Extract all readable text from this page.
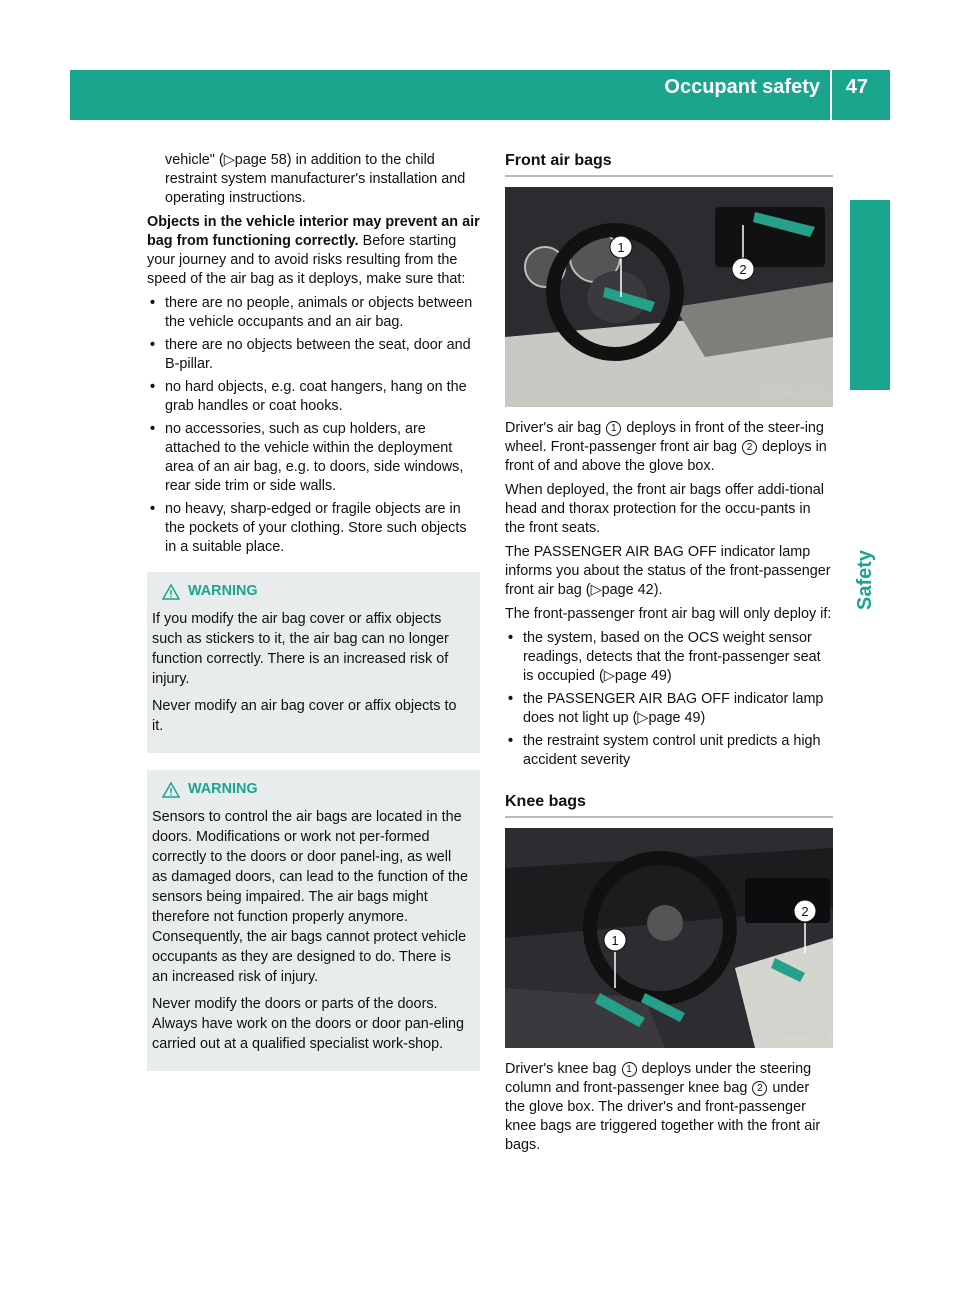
Occupant safety 47
Safety

vehicle" (▷page 58) in addition to the child restraint system manufacturer's installation and operating instructions.

Objects in the vehicle interior may prevent an air bag from functioning correctly. Before starting your journey and to avoid risks resulting from the speed of the air bag as it deploys, make sure that:

• there are no people, animals or objects between the vehicle occupants and an air bag.
• there are no objects between the seat, door and B-pillar.
• no hard objects, e.g. coat hangers, hang on the grab handles or coat hooks.
• no accessories, such as cup holders, are attached to the vehicle within the deployment area of an air bag, e.g. to doors, side windows, rear side trim or side walls.
• no heavy, sharp-edged or fragile objects are in the pockets of your clothing. Store such objects in a suitable place.
WARNING

If you modify the air bag cover or affix objects such as stickers to it, the air bag can no longer function correctly. There is an increased risk of injury.

Never modify an air bag cover or affix objects to it.

WARNING

Sensors to control the air bags are located in the doors. Modifications or work not per-formed correctly to the doors or door panel-ing, as well as damaged doors, can lead to the function of the sensors being impaired. The air bags might therefore not function properly anymore. Consequently, the air bags cannot protect vehicle occupants as they are designed to do. There is an increased risk of injury.

Never modify the doors or parts of the doors. Always have work on the doors or door pan-eling carried out at a qualified specialist work-shop.

Front air bags
1
2
P91.60-4650-31

Driver's air bag 1 deploys in front of the steer-ing wheel. Front-passenger front air bag 2 deploys in front of and above the glove box.

When deployed, the front air bags offer addi-tional head and thorax protection for the occu-pants in the front seats.

The PASSENGER AIR BAG OFF indicator lamp informs you about the status of the front-passenger front air bag (▷page 42).

The front-passenger front air bag will only deploy if:

• the system, based on the OCS weight sensor readings, detects that the front-passenger seat is occupied (▷page 49)
• the PASSENGER AIR BAG OFF indicator lamp does not light up (▷page 49)
• the restraint system control unit predicts a high accident severity
Knee bags
1
2
P91.60-4665-31

Driver's knee bag 1 deploys under the steering column and front-passenger knee bag 2 under the glove box. The driver's and front-passenger knee bags are triggered together with the front air bags.
